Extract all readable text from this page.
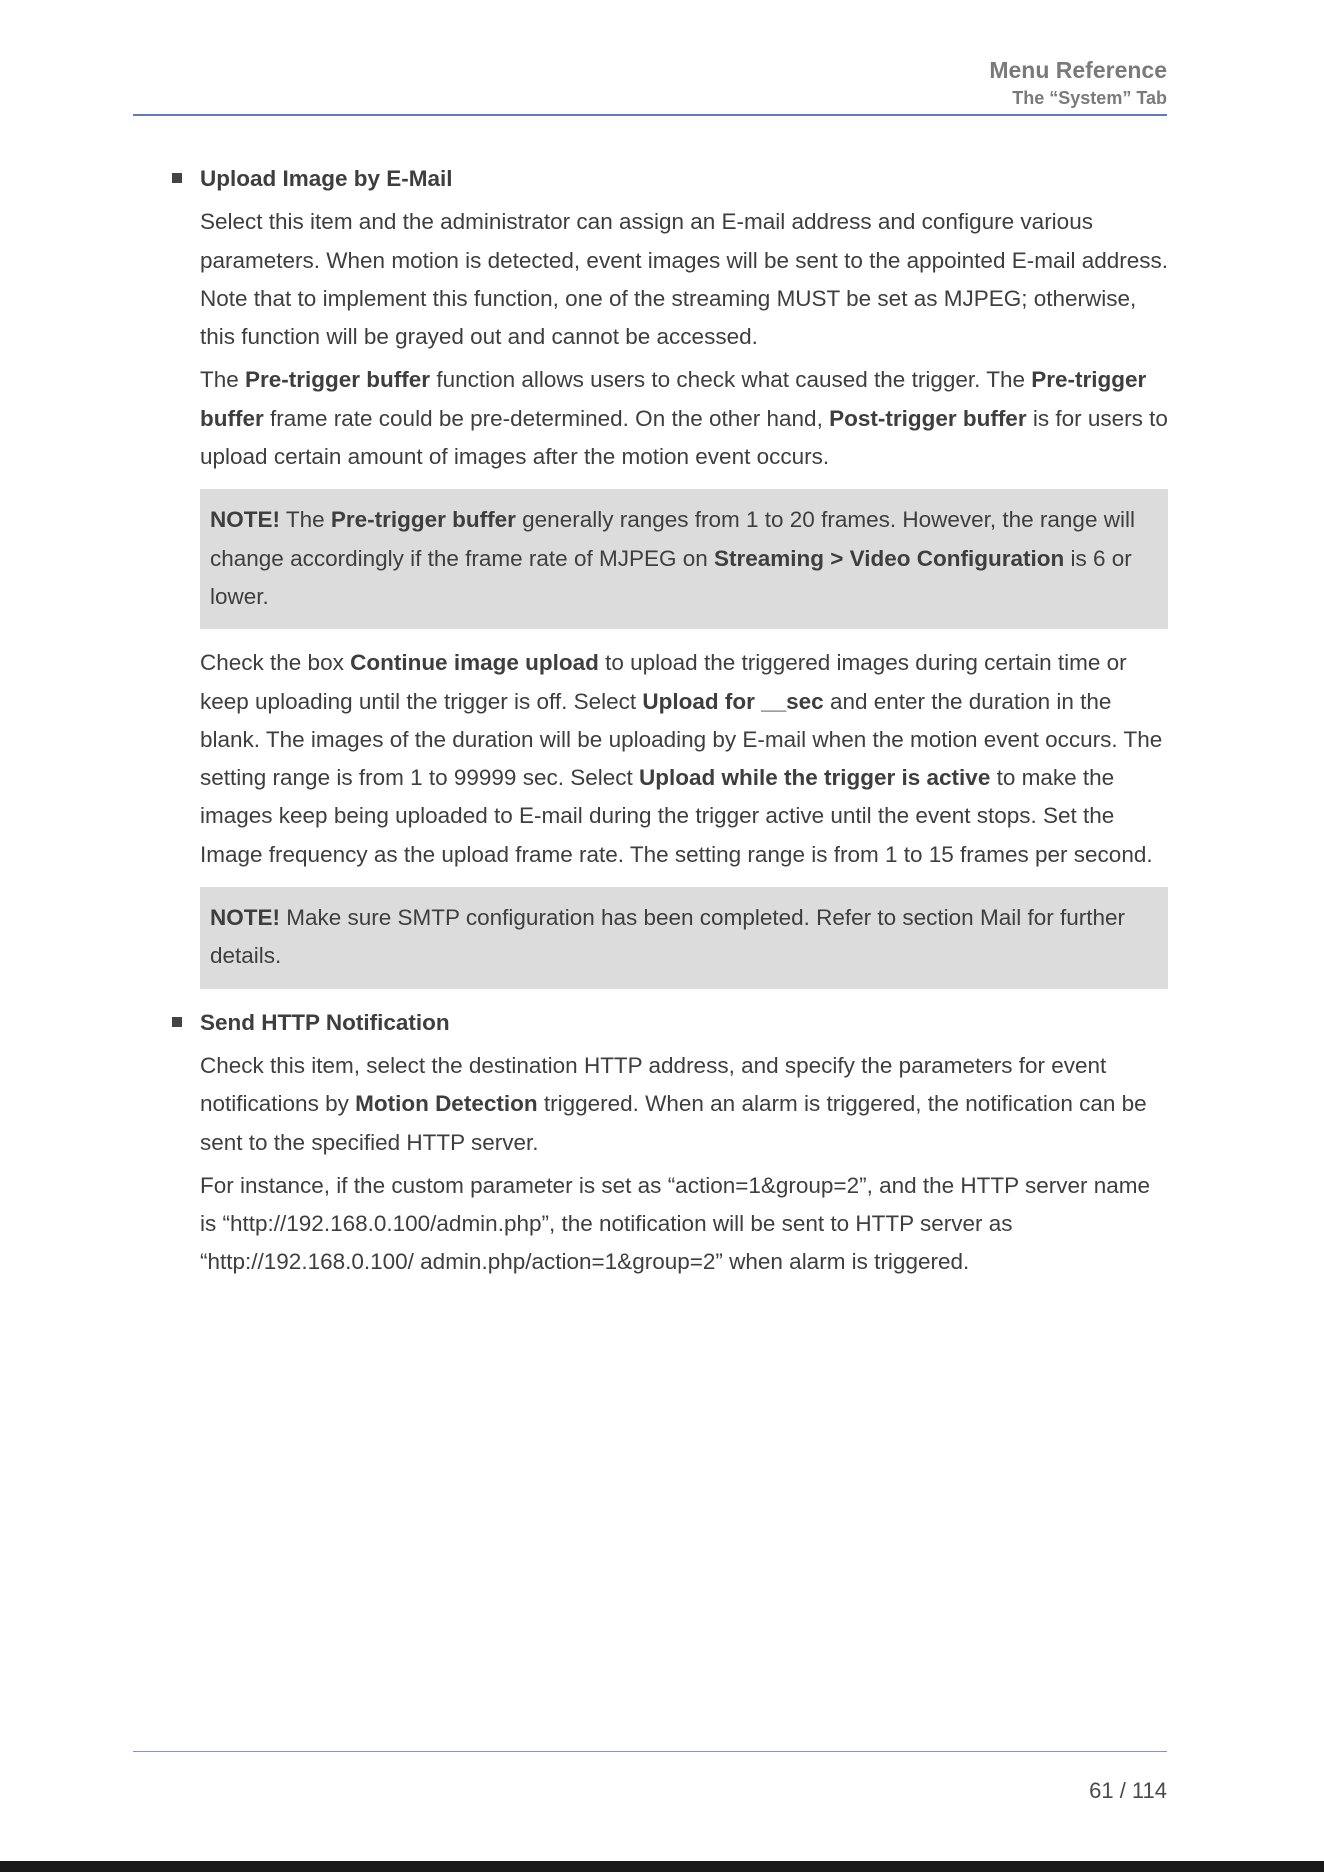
Menu Reference
The “System” Tab
Upload Image by E-Mail

Select this item and the administrator can assign an E-mail address and configure various parameters. When motion is detected, event images will be sent to the appointed E-mail address. Note that to implement this function, one of the streaming MUST be set as MJPEG; otherwise, this function will be grayed out and cannot be accessed.

The Pre-trigger buffer function allows users to check what caused the trigger. The Pre-trigger buffer frame rate could be pre-determined. On the other hand, Post-trigger buffer is for users to upload certain amount of images after the motion event occurs.

NOTE! The Pre-trigger buffer generally ranges from 1 to 20 frames. However, the range will change accordingly if the frame rate of MJPEG on Streaming > Video Configuration is 6 or lower.

Check the box Continue image upload to upload the triggered images during certain time or keep uploading until the trigger is off. Select Upload for __sec and enter the duration in the blank. The images of the duration will be uploading by E-mail when the motion event occurs. The setting range is from 1 to 99999 sec. Select Upload while the trigger is active to make the images keep being uploaded to E-mail during the trigger active until the event stops. Set the Image frequency as the upload frame rate. The setting range is from 1 to 15 frames per second.

NOTE! Make sure SMTP configuration has been completed. Refer to section Mail for further details.

Send HTTP Notification

Check this item, select the destination HTTP address, and specify the parameters for event notifications by Motion Detection triggered. When an alarm is triggered, the notification can be sent to the specified HTTP server.

For instance, if the custom parameter is set as “action=1&group=2”, and the HTTP server name is “http://192.168.0.100/admin.php”, the notification will be sent to HTTP server as “http://192.168.0.100/ admin.php/action=1&group=2” when alarm is triggered.

61 / 114
